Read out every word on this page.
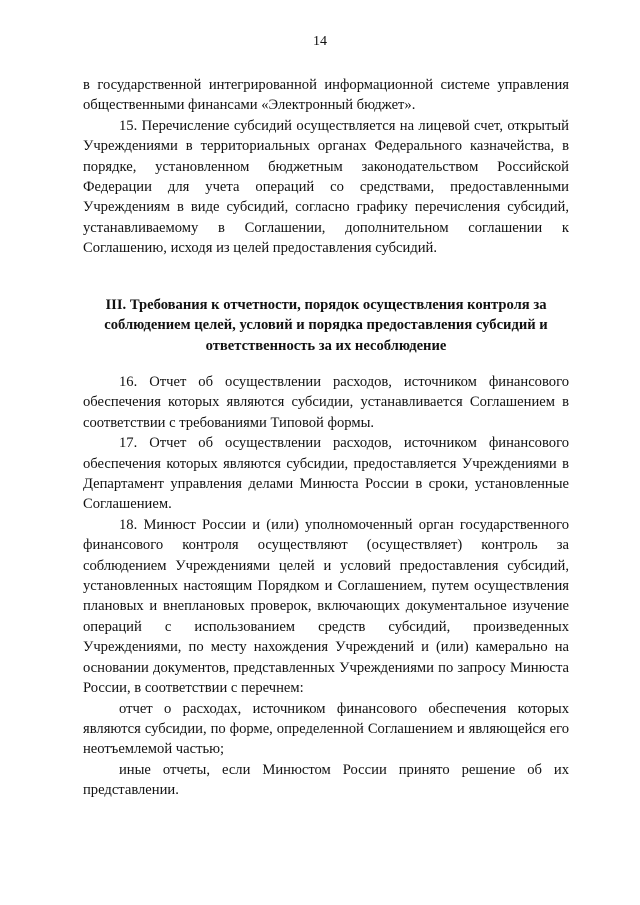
14

в государственной интегрированной информационной системе управления общественными финансами «Электронный бюджет».

15. Перечисление субсидий осуществляется на лицевой счет, открытый Учреждениями в территориальных органах Федерального казначейства, в порядке, установленном бюджетным законодательством Российской Федерации для учета операций со средствами, предоставленными Учреждениям в виде субсидий, согласно графику перечисления субсидий, устанавливаемому в Соглашении, дополнительном соглашении к Соглашению, исходя из целей предоставления субсидий.

III. Требования к отчетности, порядок осуществления контроля за соблюдением целей, условий и порядка предоставления субсидий и ответственность за их несоблюдение

16. Отчет об осуществлении расходов, источником финансового обеспечения которых являются субсидии, устанавливается Соглашением в соответствии с требованиями Типовой формы.

17. Отчет об осуществлении расходов, источником финансового обеспечения которых являются субсидии, предоставляется Учреждениями в Департамент управления делами Минюста России в сроки, установленные Соглашением.

18. Минюст России и (или) уполномоченный орган государственного финансового контроля осуществляют (осуществляет) контроль за соблюдением Учреждениями целей и условий предоставления субсидий, установленных настоящим Порядком и Соглашением, путем осуществления плановых и внеплановых проверок, включающих документальное изучение операций с использованием средств субсидий, произведенных Учреждениями, по месту нахождения Учреждений и (или) камерально на основании документов, представленных Учреждениями по запросу Минюста России, в соответствии с перечнем:

отчет о расходах, источником финансового обеспечения которых являются субсидии, по форме, определенной Соглашением и являющейся его неотъемлемой частью;

иные отчеты, если Минюстом России принято решение об их представлении.
